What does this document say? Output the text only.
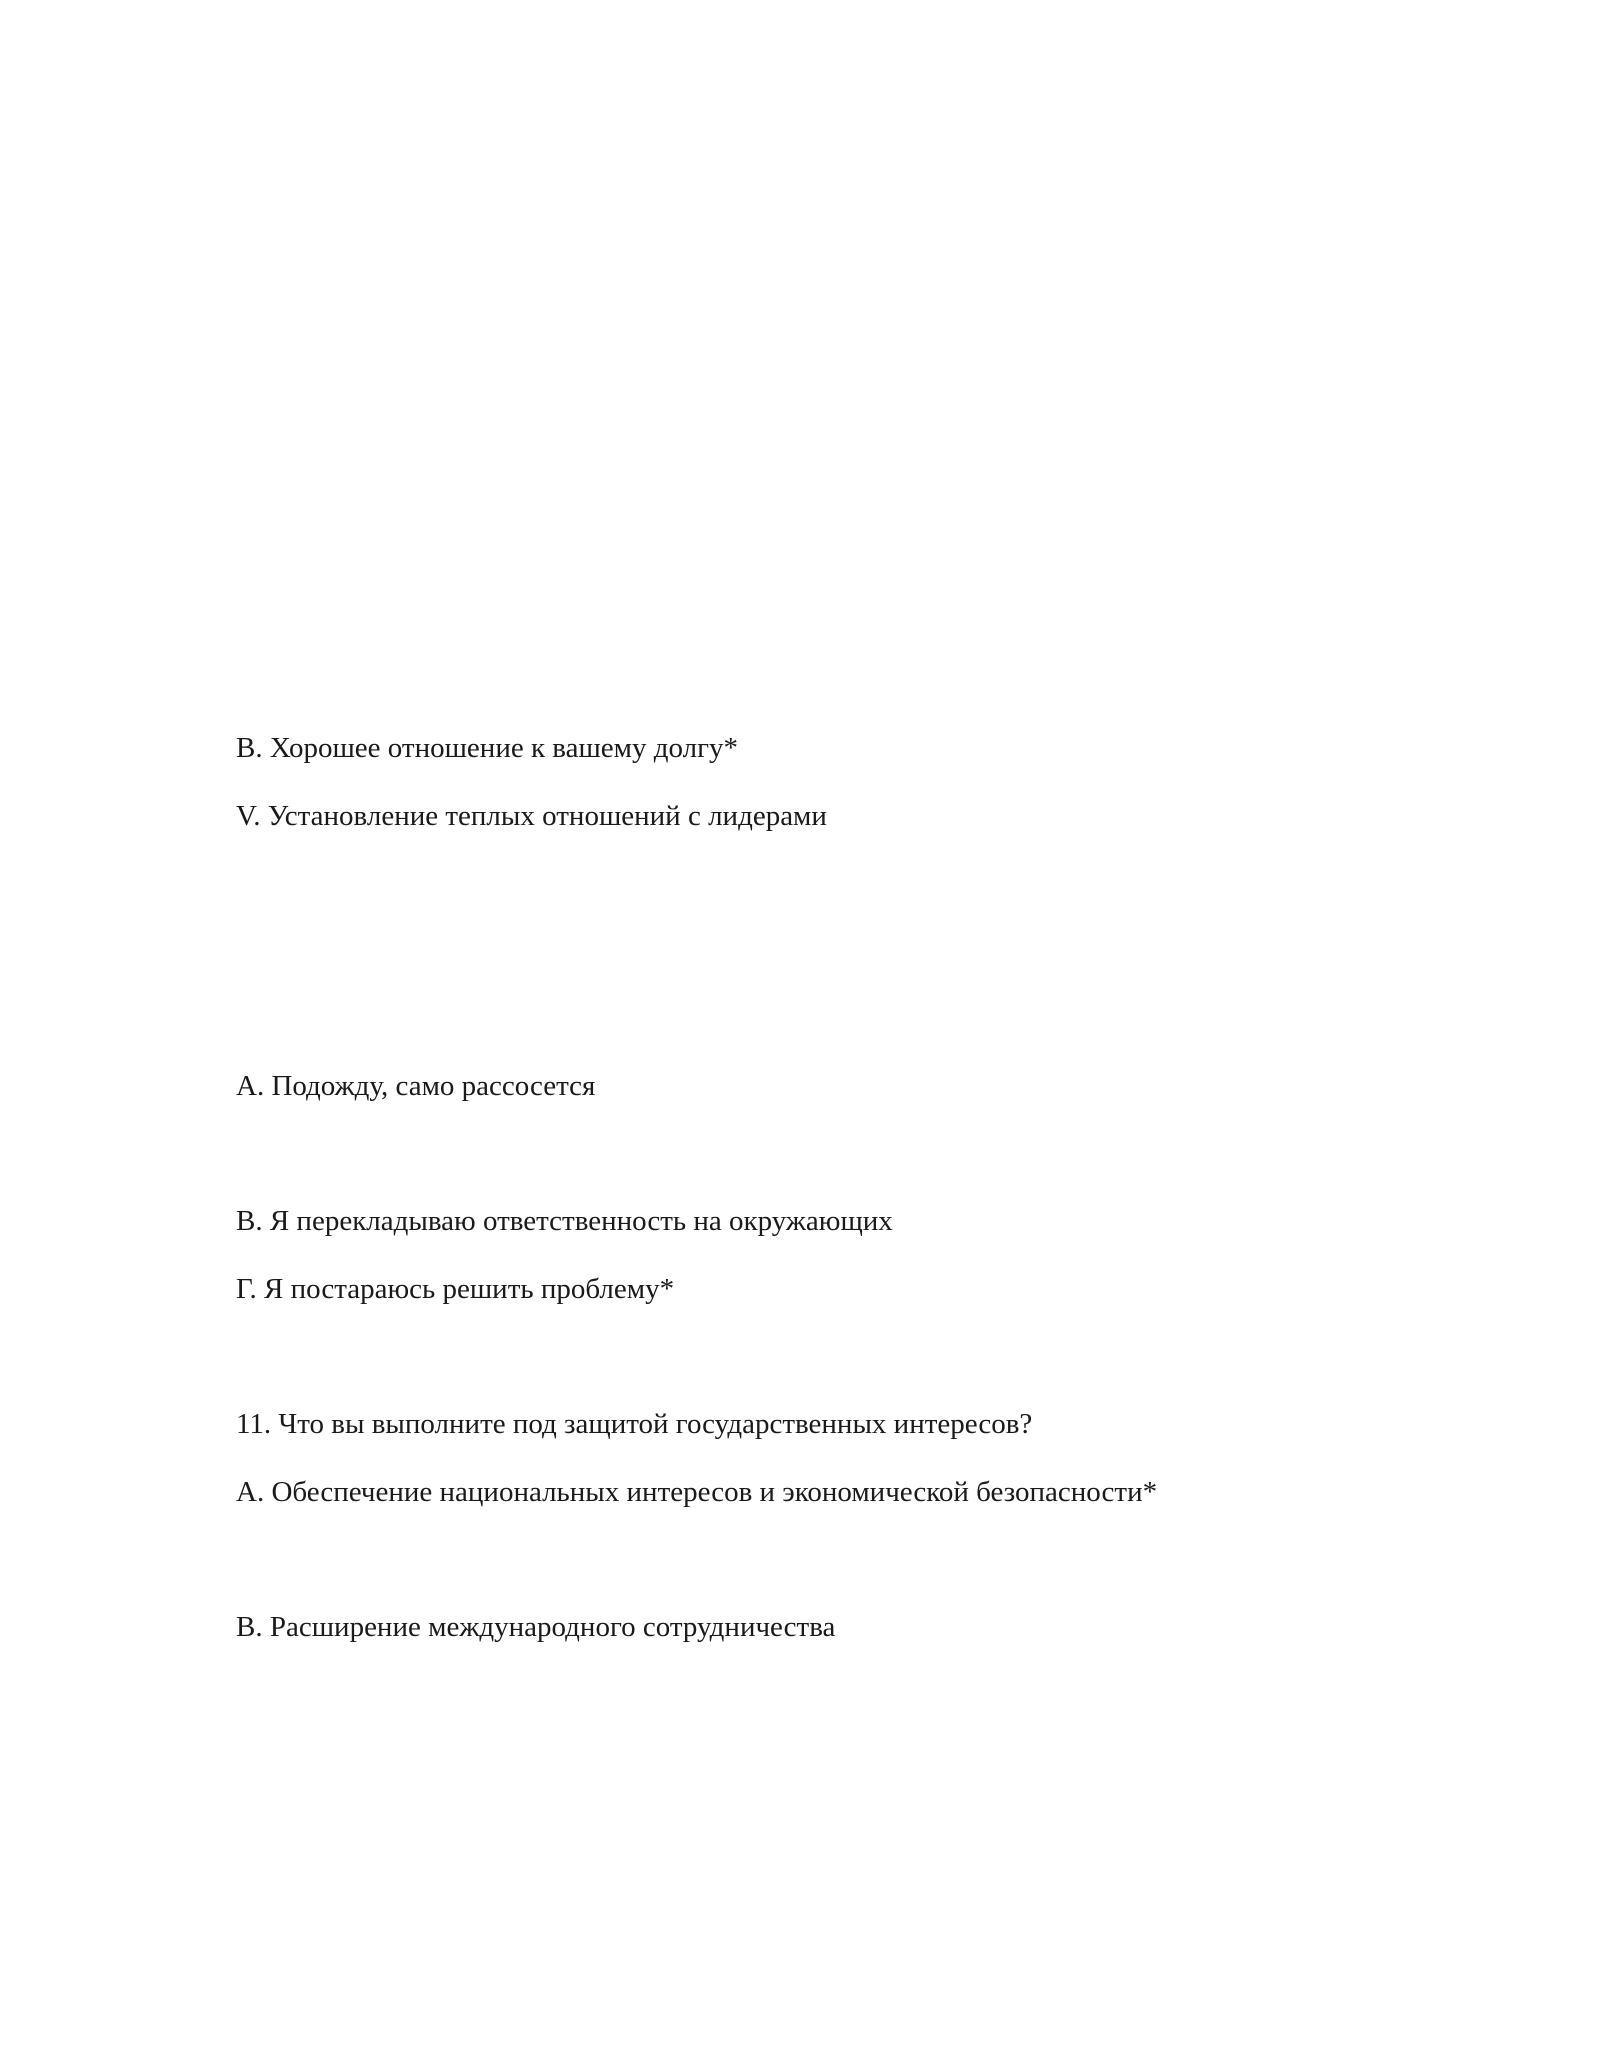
B. Хорошее отношение к вашему долгу*
V. Установление теплых отношений с лидерами
A. Подожду, само рассосется
B. Я перекладываю ответственность на окружающих
Г. Я постараюсь решить проблему*
11. Что вы выполните под защитой государственных интересов?
A. Обеспечение национальных интересов и экономической безопасности*
B. Расширение международного сотрудничества
